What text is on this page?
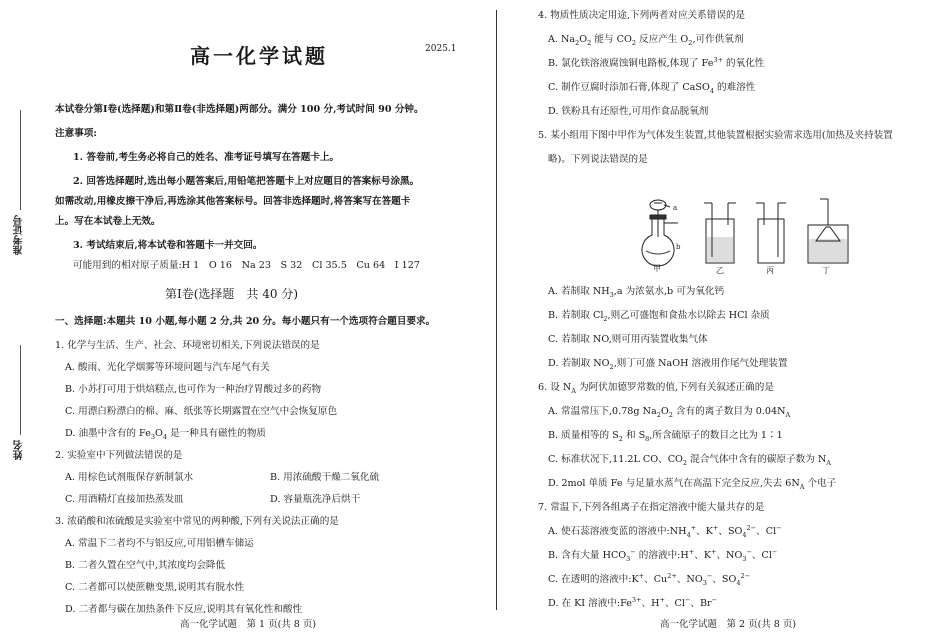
准考证号
姓名
高一化学试题	2025.1
本试卷分第Ⅰ卷(选择题)和第Ⅱ卷(非选择题)两部分。满分 100 分,考试时间 90 分钟。
注意事项:
1. 答卷前,考生务必将自己的姓名、准考证号填写在答题卡上。
2. 回答选择题时,选出每小题答案后,用铅笔把答题卡上对应题目的答案标号涂黑。
如需改动,用橡皮擦干净后,再选涂其他答案标号。回答非选择题时,将答案写在答题卡
上。写在本试卷上无效。
3. 考试结束后,将本试卷和答题卡一并交回。
可能用到的相对原子质量:H 1　O 16　Na 23　S 32　Cl 35.5　Cu 64　I 127
第Ⅰ卷(选择题　共 40 分)
一、选择题:本题共 10 小题,每小题 2 分,共 20 分。每小题只有一个选项符合题目要求。
1. 化学与生活、生产、社会、环境密切相关,下列说法错误的是
A. 酸雨、光化学烟雾等环境问题与汽车尾气有关
B. 小苏打可用于烘焙糕点,也可作为一种治疗胃酸过多的药物
C. 用漂白粉漂白的棉、麻、纸张等长期露置在空气中会恢复原色
D. 油墨中含有的 $Fe_3O_4$ 是一种具有磁性的物质
2. 实验室中下列做法错误的是
A. 用棕色试剂瓶保存新制氯水	B. 用浓硫酸干燥二氧化硫
C. 用酒精灯直接加热蒸发皿	D. 容量瓶洗净后烘干
3. 浓硝酸和浓硫酸是实验室中常见的两种酸,下列有关说法正确的是
A. 常温下二者均不与铝反应,可用铝槽车储运
B. 二者久置在空气中,其浓度均会降低
C. 二者都可以使蔗糖变黑,说明其有脱水性
D. 二者都与碳在加热条件下反应,说明其有氧化性和酸性
高一化学试题　第 1 页(共 8 页)
4. 物质性质决定用途,下列两者对应关系错误的是
A. $Na_2O_2$ 能与 $CO_2$ 反应产生 $O_2$,可作供氧剂
B. 氯化铁溶液腐蚀铜电路板,体现了 $Fe^{3+}$ 的氧化性
C. 制作豆腐时添加石膏,体现了 CaSO$_4$ 的难溶性
D. 铁粉具有还原性,可用作食品脱氧剂
5. 某小组用下图中甲作为气体发生装置,其他装置根据实验需求选用(加热及夹持装置
略)。下列说法错误的是
a
b
甲	乙	丙	丁
A. 若制取 $NH_3,a$ 为浓氨水,b 可为氧化钙
B. 若制取 $Cl_2$,则乙可盛饱和食盐水以除去 HCl 杂质
C. 若制取 NO,则可用丙装置收集气体
D. 若制取 $NO_2$,则丁可盛 NaOH 溶液用作尾气处理装置
6. 设 $N_A$ 为阿伏加德罗常数的值,下列有关叙述正确的是
A. 常温常压下,0.78g $Na_2O_2$ 含有的离子数目为 $0.04N_A$
B. 质量相等的 $S_2$ 和 $S_8$,所含硫原子的数目之比为 1∶1
C. 标准状况下,11.2L CO、$CO_2$ 混合气体中含有的碳原子数为 $N_A$
D. 2mol 单质 Fe 与足量水蒸气在高温下完全反应,失去 $6N_A$ 个电子
7. 常温下,下列各组离子在指定溶液中能大量共存的是
A. 使石蕊溶液变蓝的溶液中$:NH_4^+$、K+、$SO_4^{2-}$、Cl−
B. 含有大量 $HCO_3^-$ 的溶液中:H+、K+、$NO_3^-$、Cl−
C. 在透明的溶液中:K+、$Cu^{2+}$、$NO_3^-$、$SO_4^{2-}$
D. 在 KI 溶液中$:Fe^{3+}$、H+、Cl−、Br−
高一化学试题　第 2 页(共 8 页)
